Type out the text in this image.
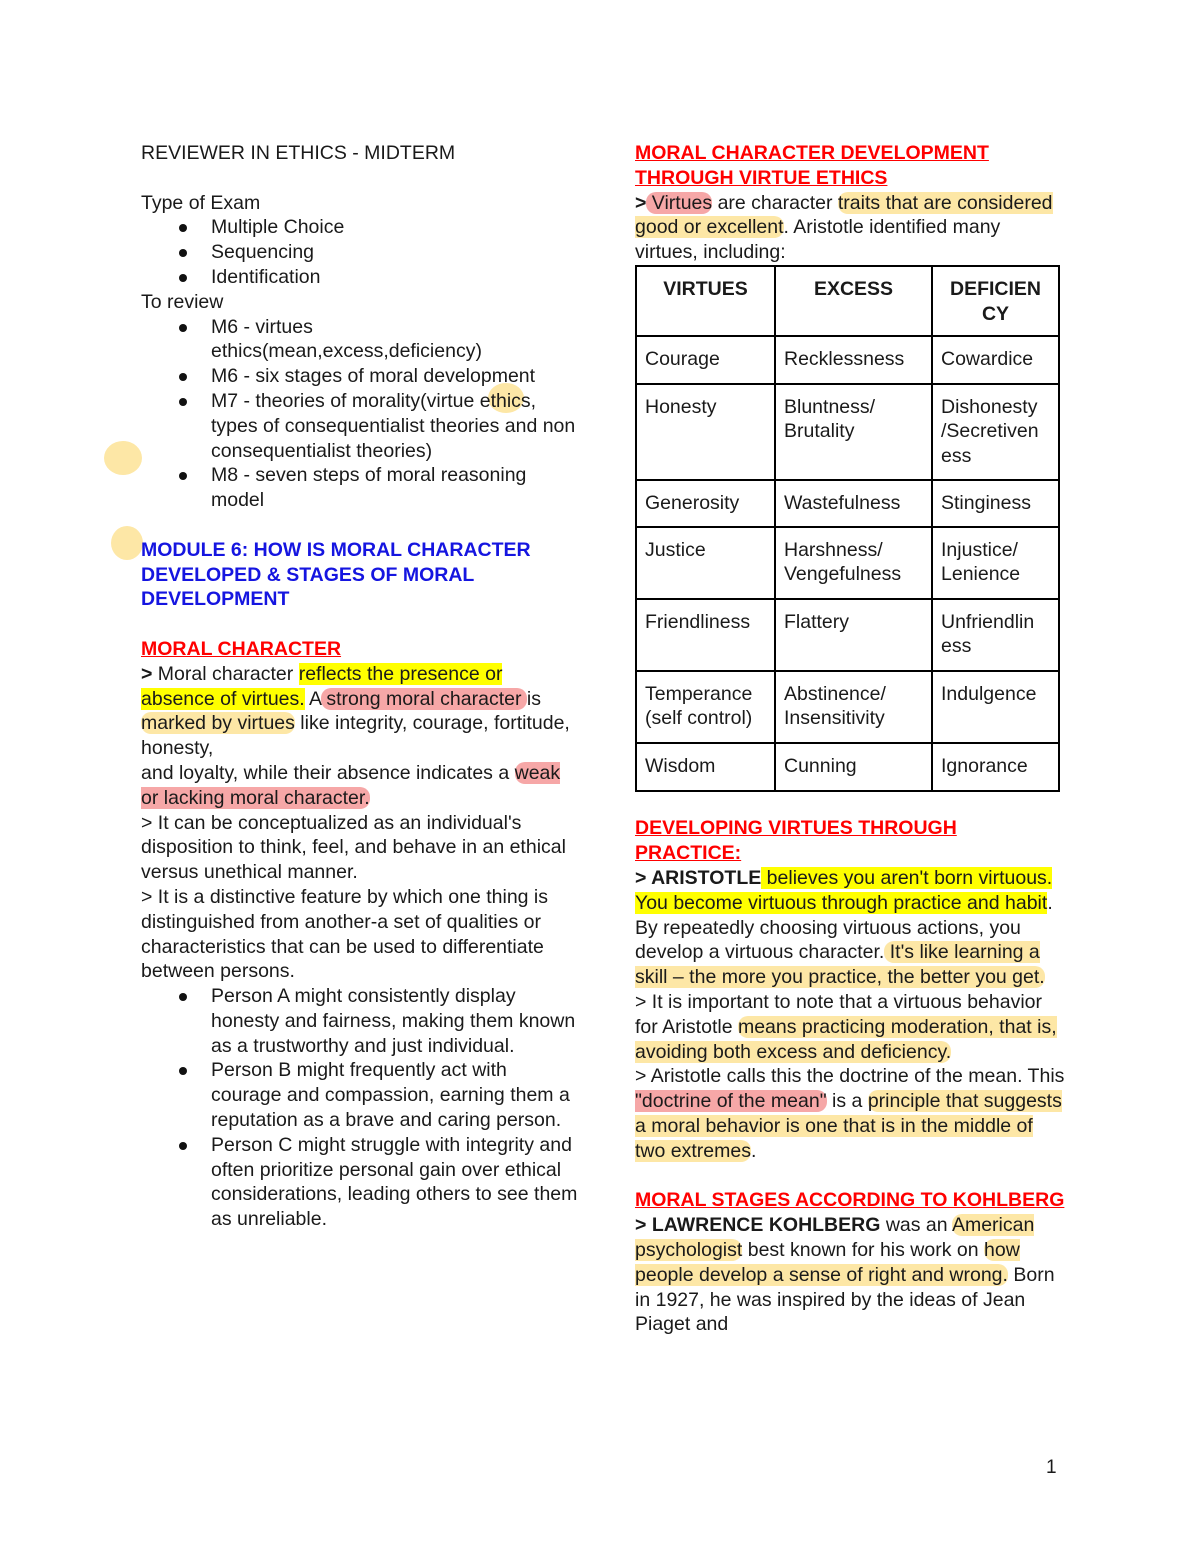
REVIEWER IN ETHICS - MIDTERM

Type of Exam

Multiple Choice
Sequencing
Identification

To review

M6 - virtues ethics(mean,excess,deficiency)
M6 - six stages of moral development
M7 - theories of morality(virtue ethics, types of consequentialist theories and non consequentialist theories)
M8 - seven steps of moral reasoning model

MODULE 6: HOW IS MORAL CHARACTER DEVELOPED & STAGES OF MORAL DEVELOPMENT

MORAL CHARACTER

> Moral character reflects the presence or absence of virtues. A strong moral character is marked by virtues like integrity, courage, fortitude, honesty,

and loyalty, while their absence indicates a weak or lacking moral character.

> It can be conceptualized as an individual's disposition to think, feel, and behave in an ethical versus unethical manner.

> It is a distinctive feature by which one thing is distinguished from another-a set of qualities or characteristics that can be used to differentiate between persons.

Person A might consistently display honesty and fairness, making them known as a trustworthy and just individual.
Person B might frequently act with courage and compassion, earning them a reputation as a brave and caring person.
Person C might struggle with integrity and often prioritize personal gain over ethical considerations, leading others to see them as unreliable.

MORAL CHARACTER DEVELOPMENT THROUGH VIRTUE ETHICS

> Virtues are character traits that are considered good or excellent. Aristotle identified many virtues, including:

VIRTUES	EXCESS	DEFICIEN CY
Courage	Recklessness	Cowardice
Honesty	Bluntness/ Brutality	Dishonesty /Secretiven ess
Generosity	Wastefulness	Stinginess
Justice	Harshness/ Vengefulness	Injustice/ Lenience
Friendliness	Flattery	Unfriendlin ess
Temperance (self control)	Abstinence/ Insensitivity	Indulgence
Wisdom	Cunning	Ignorance

DEVELOPING VIRTUES THROUGH PRACTICE:

> ARISTOTLE believes you aren't born virtuous. You become virtuous through practice and habit. By repeatedly choosing virtuous actions, you develop a virtuous character. It's like learning a skill – the more you practice, the better you get.

> It is important to note that a virtuous behavior for Aristotle means practicing moderation, that is, avoiding both excess and deficiency.

> Aristotle calls this the doctrine of the mean. This "doctrine of the mean" is a principle that suggests a moral behavior is one that is in the middle of two extremes.

MORAL STAGES ACCORDING TO KOHLBERG

> LAWRENCE KOHLBERG was an American psychologist best known for his work on how people develop a sense of right and wrong. Born in 1927, he was inspired by the ideas of Jean Piaget and

1
